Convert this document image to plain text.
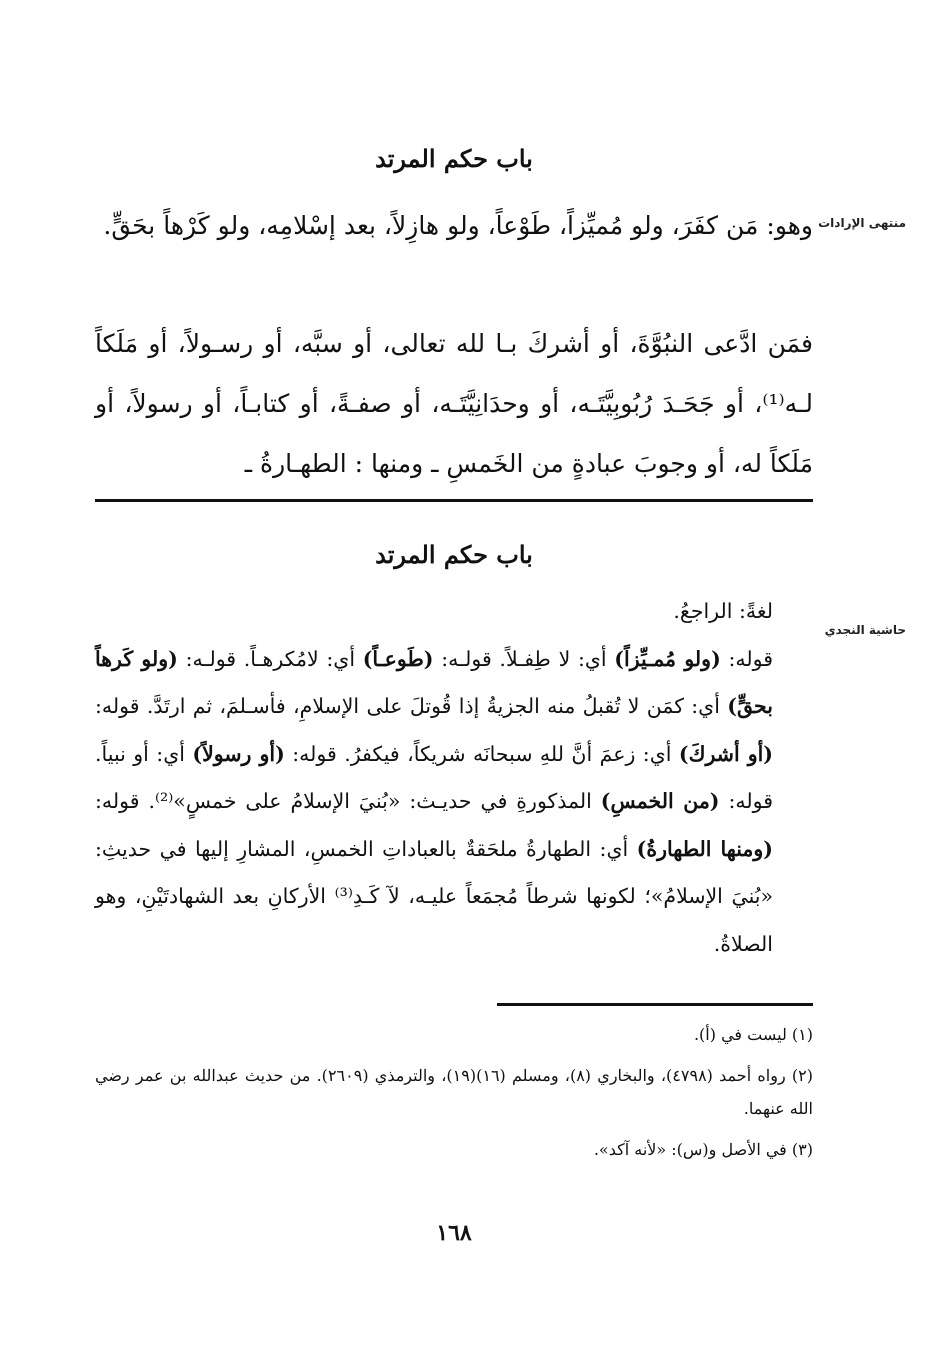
منتهى الإرادات
حاشية النجدي
باب حكم المرتد
وهو: مَن كفَرَ، ولو مُميِّزاً، طَوْعاً، ولو هازِلاً، بعد إسْلامِه، ولو كَرْهاً بحَقٍّ.
فمَن ادَّعى النبُوَّةَ، أو أشركَ بـا لله تعالى، أو سبَّه، أو رسـولاً، أو مَلَكاً لـه⁽¹⁾، أو جَحَـدَ رُبُوبِيَّتَـه، أو وحدَانِيَّتَـه، أو صفـةً، أو كتابـاً، أو رسولاً، أو مَلَكاً له، أو وجوبَ عبادةٍ من الخَمسِ ـ ومنها : الطهـارةُ ـ
باب حكم المرتد

لغةً: الراجعُ.

قوله: (ولو مُمـيِّزاً) أي: لا طِفـلاً. قولـه: (طَوعـاً) أي: لامُكرهـاً. قولـه: (ولو كَرهاً بحقٍّ) أي: كمَن لا تُقبلُ منه الجزيةُ إذا قُوتلَ على الإسلامِ، فأسـلمَ، ثم ارتَدَّ. قوله: (أو أشركَ) أي: زعمَ أنَّ للهِ سبحانَه شريكاً، فيكفرُ. قوله: (أو رسولاً) أي: أو نبياً. قوله: (من الخمسِ) المذكورةِ في حديـث: «بُنيَ الإسلامُ على خمسٍ»⁽²⁾. قوله: (ومنها الطهارةُ) أي: الطهارةُ ملحَقةٌ بالعباداتِ الخمسِ، المشارِ إليها في حديثِ: «بُنيَ الإسلامُ»؛ لكونها شرطاً مُجمَعاً عليـه، لآ كَـدِ⁽³⁾ الأركانِ بعد الشهادتَيْنِ، وهو الصلاةُ.

(١) ليست في (أ).

(٢) رواه أحمد (٤٧٩٨)، والبخاري (٨)، ومسلم (١٦)(١٩)، والترمذي (٢٦٠٩). من حديث عبدالله بن عمر رضي الله عنهما.

(٣) في الأصل و(س): «لأنه آكد».

١٦٨
